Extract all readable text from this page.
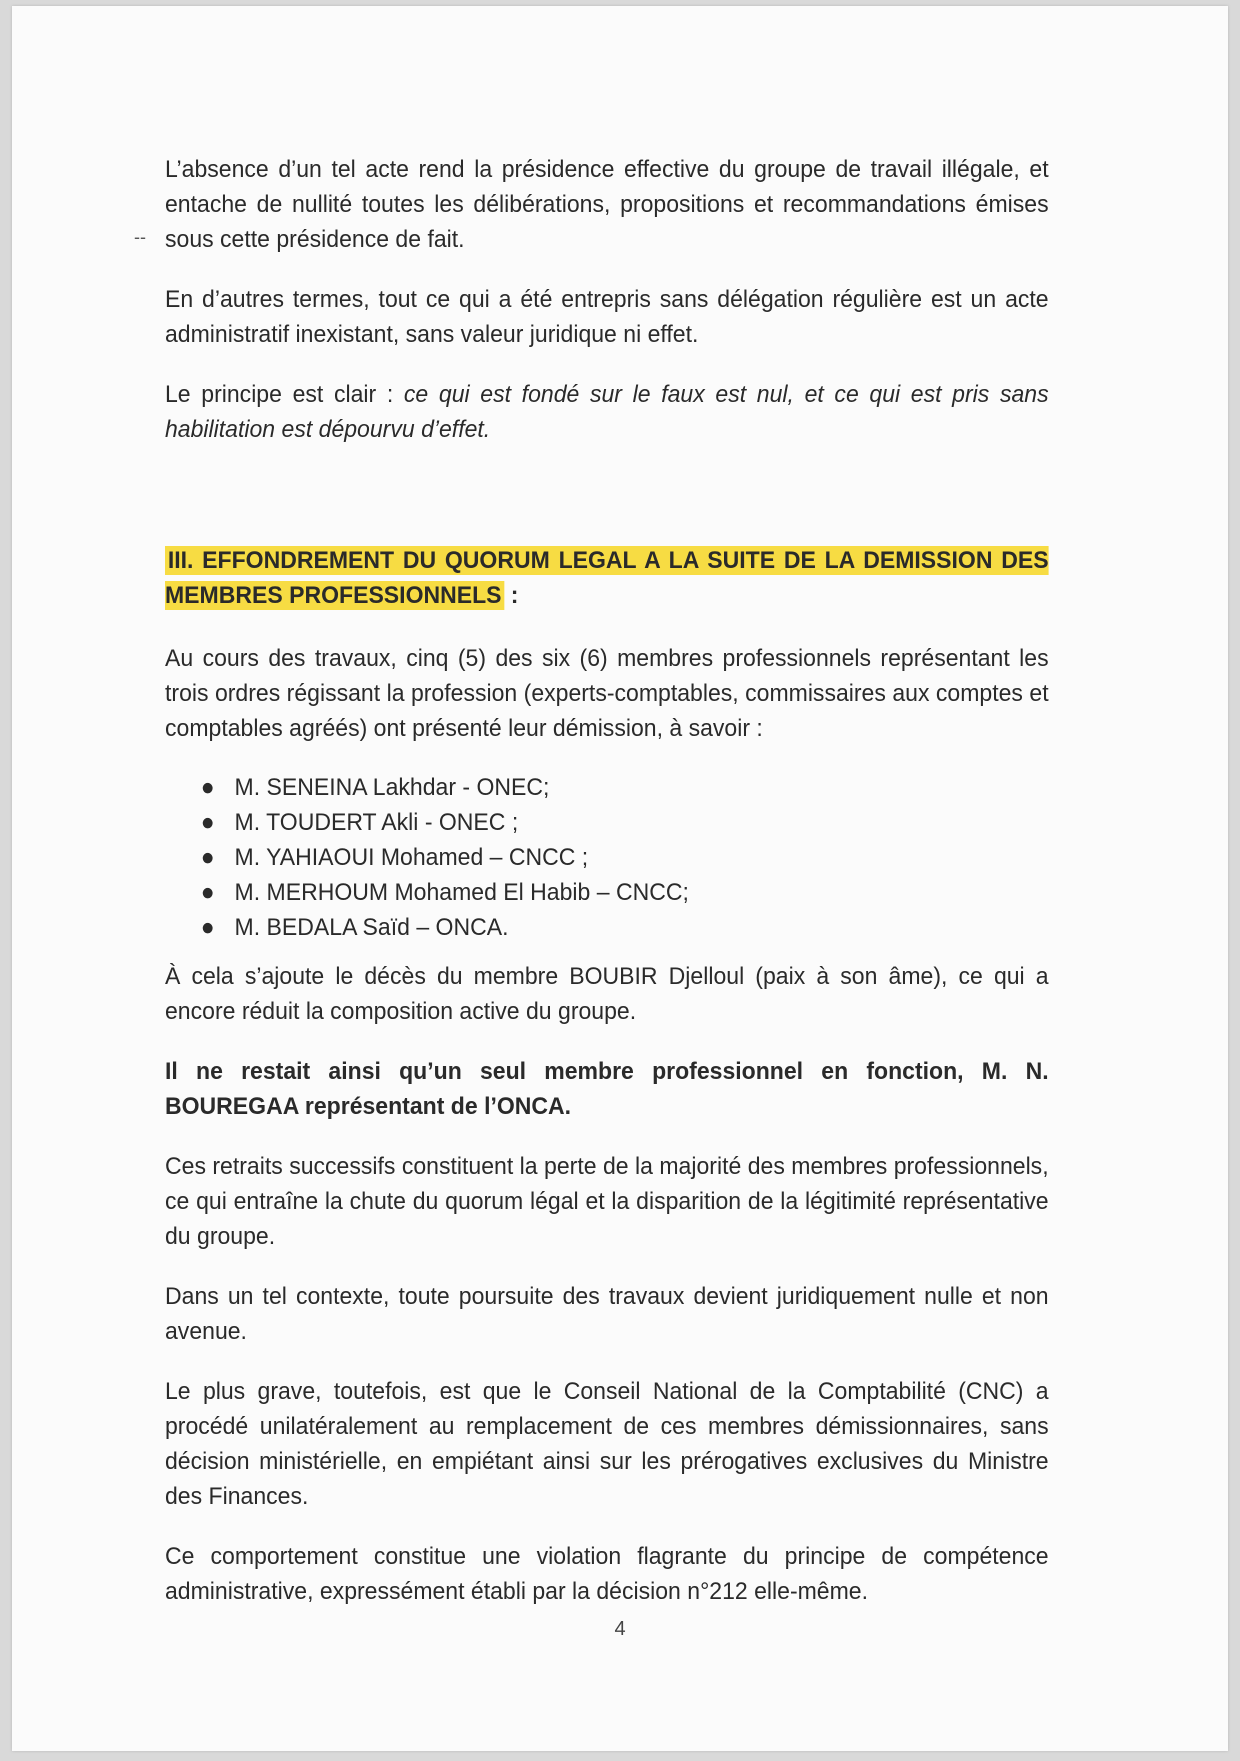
--

L’absence d’un tel acte rend la présidence effective du groupe de travail illégale, et entache de nullité toutes les délibérations, propositions et recommandations émises sous cette présidence de fait.

En d’autres termes, tout ce qui a été entrepris sans délégation régulière est un acte administratif inexistant, sans valeur juridique ni effet.

Le principe est clair : ce qui est fondé sur le faux est nul, et ce qui est pris sans habilitation est dépourvu d’effet.

III. EFFONDREMENT DU QUORUM LEGAL A LA SUITE DE LA DEMISSION DES MEMBRES PROFESSIONNELS :

Au cours des travaux, cinq (5) des six (6) membres professionnels représentant les trois ordres régissant la profession (experts-comptables, commissaires aux comptes et comptables agréés) ont présenté leur démission, à savoir :

● M. SENEINA Lakhdar - ONEC;
● M. TOUDERT Akli - ONEC ;
● M. YAHIAOUI Mohamed – CNCC ;
● M. MERHOUM Mohamed El Habib – CNCC;
● M. BEDALA Saïd – ONCA.

À cela s’ajoute le décès du membre BOUBIR Djelloul (paix à son âme), ce qui a encore réduit la composition active du groupe.

Il ne restait ainsi qu’un seul membre professionnel en fonction, M. N. BOUREGAA représentant de l’ONCA.

Ces retraits successifs constituent la perte de la majorité des membres professionnels, ce qui entraîne la chute du quorum légal et la disparition de la légitimité représentative du groupe.

Dans un tel contexte, toute poursuite des travaux devient juridiquement nulle et non avenue.

Le plus grave, toutefois, est que le Conseil National de la Comptabilité (CNC) a procédé unilatéralement au remplacement de ces membres démissionnaires, sans décision ministérielle, en empiétant ainsi sur les prérogatives exclusives du Ministre des Finances.

Ce comportement constitue une violation flagrante du principe de compétence administrative, expressément établi par la décision n°212 elle-même.

4
